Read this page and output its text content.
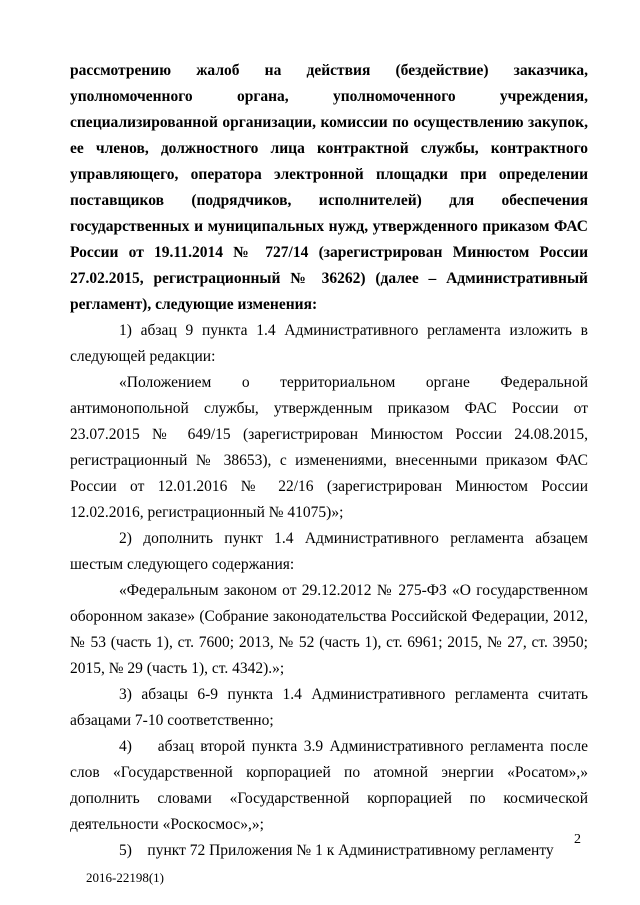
рассмотрению жалоб на действия (бездействие) заказчика, уполномоченного органа, уполномоченного учреждения, специализированной организации, комиссии по осуществлению закупок, ее членов, должностного лица контрактной службы, контрактного управляющего, оператора электронной площадки при определении поставщиков (подрядчиков, исполнителей) для обеспечения государственных и муниципальных нужд, утвержденного приказом ФАС России от 19.11.2014 № 727/14 (зарегистрирован Минюстом России 27.02.2015, регистрационный № 36262) (далее – Административный регламент), следующие изменения:

1) абзац 9 пункта 1.4 Административного регламента изложить в следующей редакции:

«Положением о территориальном органе Федеральной антимонопольной службы, утвержденным приказом ФАС России от 23.07.2015 № 649/15 (зарегистрирован Минюстом России 24.08.2015, регистрационный № 38653), с изменениями, внесенными приказом ФАС России от 12.01.2016 № 22/16 (зарегистрирован Минюстом России 12.02.2016, регистрационный № 41075)»;

2) дополнить пункт 1.4 Административного регламента абзацем шестым следующего содержания:

«Федеральным законом от 29.12.2012 № 275-ФЗ «О государственном оборонном заказе» (Собрание законодательства Российской Федерации, 2012, № 53 (часть 1), ст. 7600; 2013, № 52 (часть 1), ст. 6961; 2015, № 27, ст. 3950; 2015, № 29 (часть 1), ст. 4342).»;

3) абзацы 6-9 пункта 1.4 Административного регламента считать абзацами 7-10 соответственно;

4)    абзац второй пункта 3.9 Административного регламента после слов «Государственной корпорацией по атомной энергии «Росатом»,» дополнить словами «Государственной корпорацией по космической деятельности «Роскосмос»,»;

5)    пункт 72 Приложения № 1 к Административному регламенту

2
2016-22198(1)
